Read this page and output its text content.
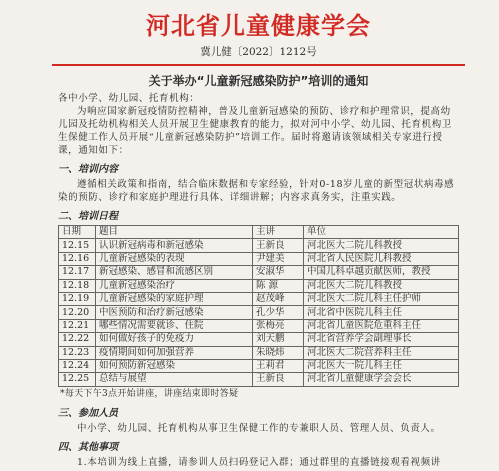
河北省儿童健康学会
冀儿健〔2022〕1212号
关于举办“儿童新冠感染防护”培训的通知

各中小学、幼儿园、托育机构：

为响应国家新冠疫情防控精神，普及儿童新冠感染的预防、诊疗和护理常识，提高幼儿园及托幼机构相关人员开展卫生健康教育的能力，拟对河中小学、幼儿园、托育机构卫生保健工作人员开展“儿童新冠感染防护”培训工作。届时将邀请该领域相关专家进行授课，通知如下：

一、培训内容

遵循相关政策和指南，结合临床数据和专家经验，针对0-18岁儿童的新型冠状病毒感染的预防、诊疗和家庭护理进行具体、详细讲解；内容求真务实，注重实践。

二、培训日程
日期	题目	主讲	单位
12.15	认识新冠病毒和新冠感染	王新良	河北医大二院儿科教授
12.16	儿童新冠感染的表现	尹建美	河北省人民医院儿科教授
12.17	新冠感染、感冒和流感区别	安淑华	中国儿科卓越贡献医师，教授
12.18	儿童新冠感染治疗	陈 源	河北医大二院儿科教授
12.19	儿童新冠感染的家庭护理	赵茂峰	河北医大二院儿科主任护师
12.20	中医预防和治疗新冠感染	孔少华	河北省中医院儿科主任
12.21	哪些情况需要就诊、住院	张梅亮	河北省儿童医院危重科主任
12.22	如何做好孩子的免疫力	刘天鹏	河北省营养学会副理事长
12.23	疫情期间如何加强营养	朱晓炜	河北医大二院营养科主任
12.24	如何预防新冠感染	王莉君	河北医大一院儿科主任
12.25	总结与展望	王新良	河北省儿童健康学会会长
*每天下午3点开始讲座，讲座结束即时答疑
三、参加人员

中小学、幼儿园、托育机构从事卫生保健工作的专兼职人员、管理人员、负责人。

四、其他事项

1.本培训为线上直播，请参训人员扫码登记入群；通过群里的直播链接观看视频讲
